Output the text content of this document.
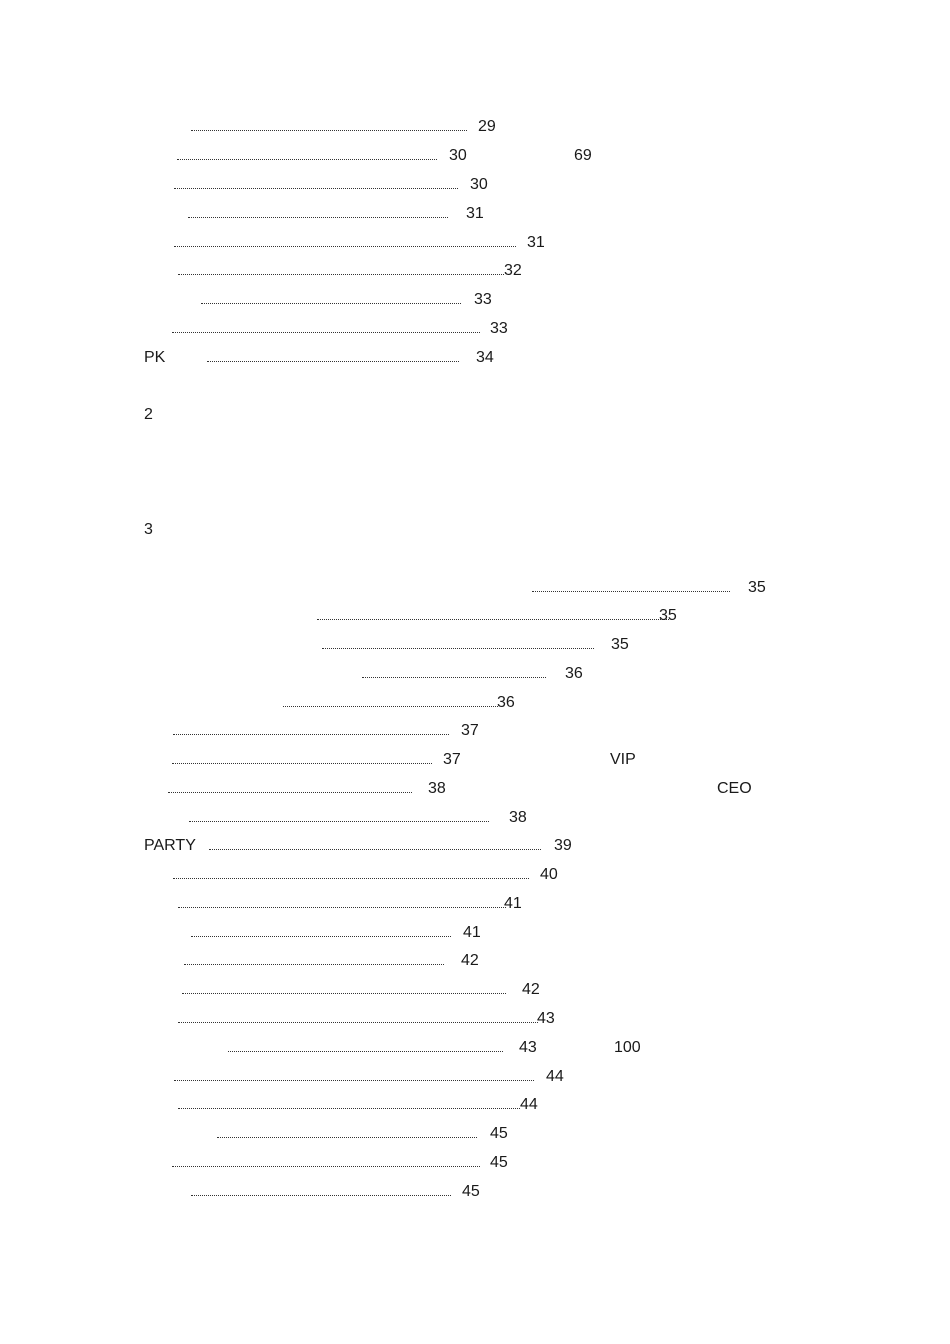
29
30	69
30
31
31
32
33
33
PK	34
2
3
35
35
35
36
36
37
37	VIP
38	CEO
38
PARTY	39
40
41
41
42
42
43
43	100
44
44
45
45
45
